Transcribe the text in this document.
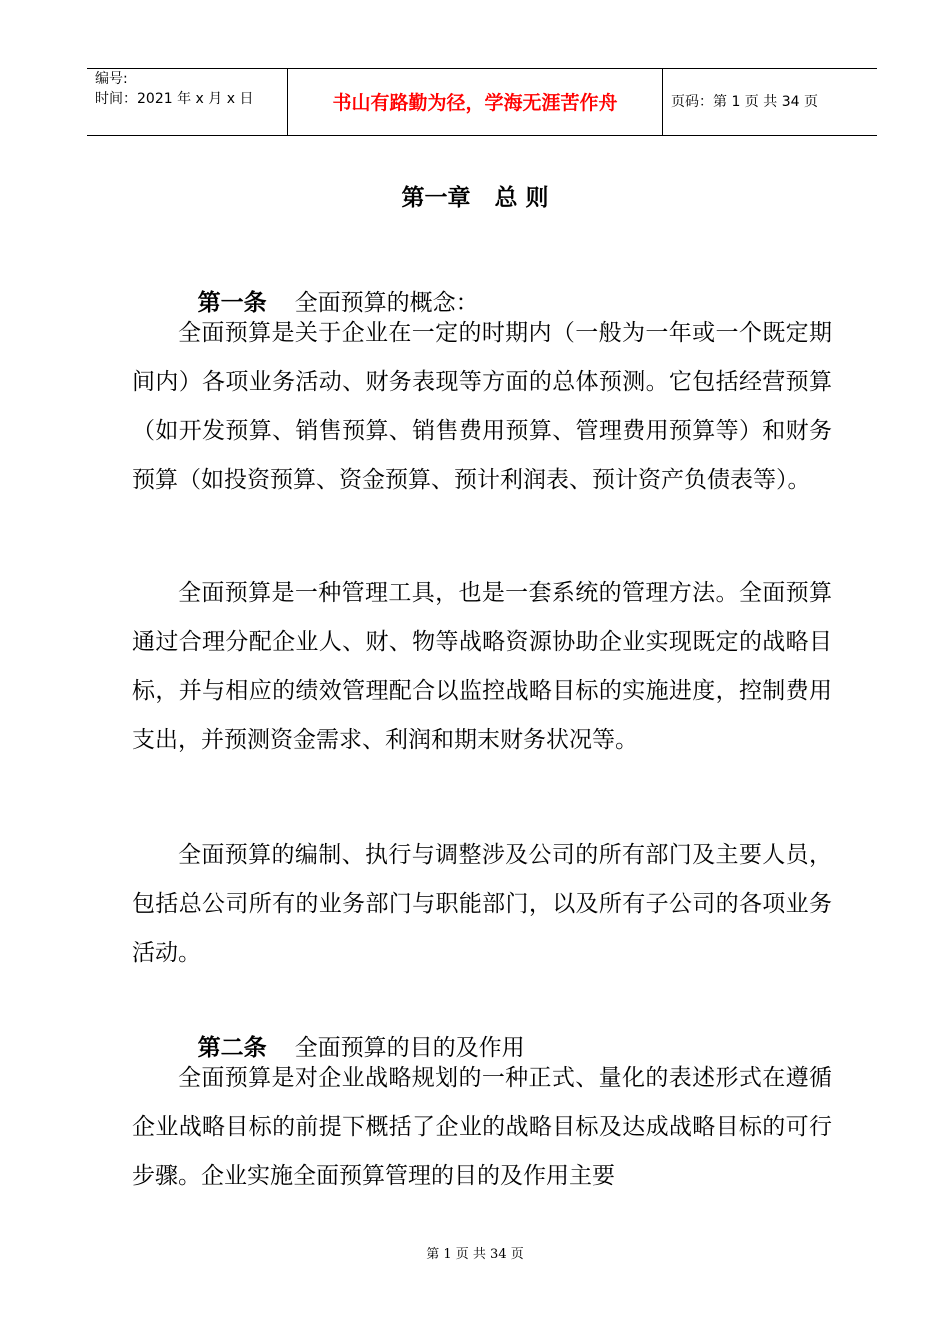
编号:
时间：2021 年 x 月 x 日	书山有路勤为径，学海无涯苦作舟	页码：第 1 页 共 34 页
第一章   总 则

第一条 全面预算的概念：

全面预算是关于企业在一定的时期内（一般为一年或一个既定期间内）各项业务活动、财务表现等方面的总体预测。它包括经营预算（如开发预算、销售预算、销售费用预算、管理费用预算等）和财务预算（如投资预算、资金预算、预计利润表、预计资产负债表等）。
全面预算是一种管理工具，也是一套系统的管理方法。全面预算通过合理分配企业人、财、物等战略资源协助企业实现既定的战略目标，并与相应的绩效管理配合以监控战略目标的实施进度，控制费用支出，并预测资金需求、利润和期末财务状况等。
全面预算的编制、执行与调整涉及公司的所有部门及主要人员，包括总公司所有的业务部门与职能部门，以及所有子公司的各项业务活动。

第二条 全面预算的目的及作用

全面预算是对企业战略规划的一种正式、量化的表述形式在遵循企业战略目标的前提下概括了企业的战略目标及达成战略目标的可行步骤。企业实施全面预算管理的目的及作用主要
第 1 页 共 34 页
